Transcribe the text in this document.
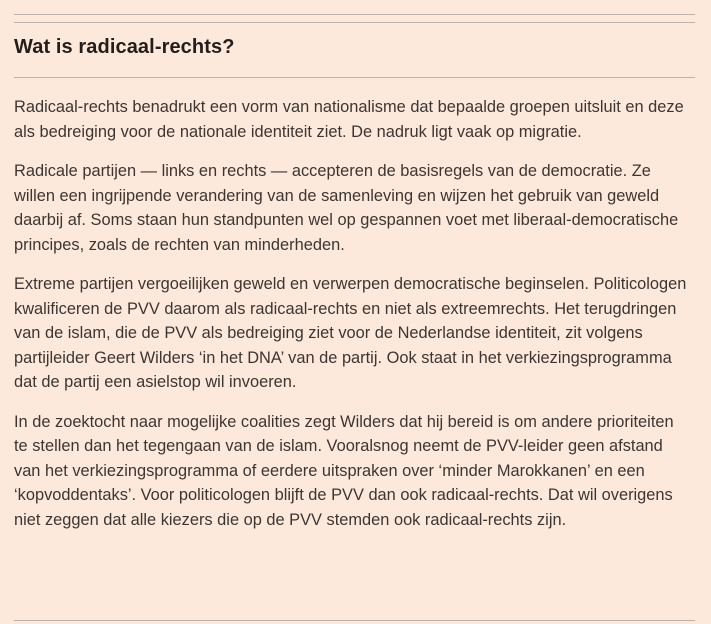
Wat is radicaal-rechts?

Radicaal-rechts benadrukt een vorm van nationalisme dat bepaalde groepen uitsluit en deze als bedreiging voor de nationale identiteit ziet. De nadruk ligt vaak op migratie.

Radicale partijen — links en rechts — accepteren de basisregels van de democratie. Ze willen een ingrijpende verandering van de samenleving en wijzen het gebruik van geweld daarbij af. Soms staan hun standpunten wel op gespannen voet met liberaal-democratische principes, zoals de rechten van minderheden.

Extreme partijen vergoeilijken geweld en verwerpen democratische beginselen. Politicologen kwalificeren de PVV daarom als radicaal-rechts en niet als extreemrechts. Het terugdringen van de islam, die de PVV als bedreiging ziet voor de Nederlandse identiteit, zit volgens partijleider Geert Wilders ‘in het DNA’ van de partij. Ook staat in het verkiezingsprogramma dat de partij een asielstop wil invoeren.

In de zoektocht naar mogelijke coalities zegt Wilders dat hij bereid is om andere prioriteiten te stellen dan het tegengaan van de islam. Vooralsnog neemt de PVV-leider geen afstand van het verkiezingsprogramma of eerdere uitspraken over ‘minder Marokkanen’ en een ‘kopvoddentaks’. Voor politicologen blijft de PVV dan ook radicaal-rechts. Dat wil overigens niet zeggen dat alle kiezers die op de PVV stemden ook radicaal-rechts zijn.
